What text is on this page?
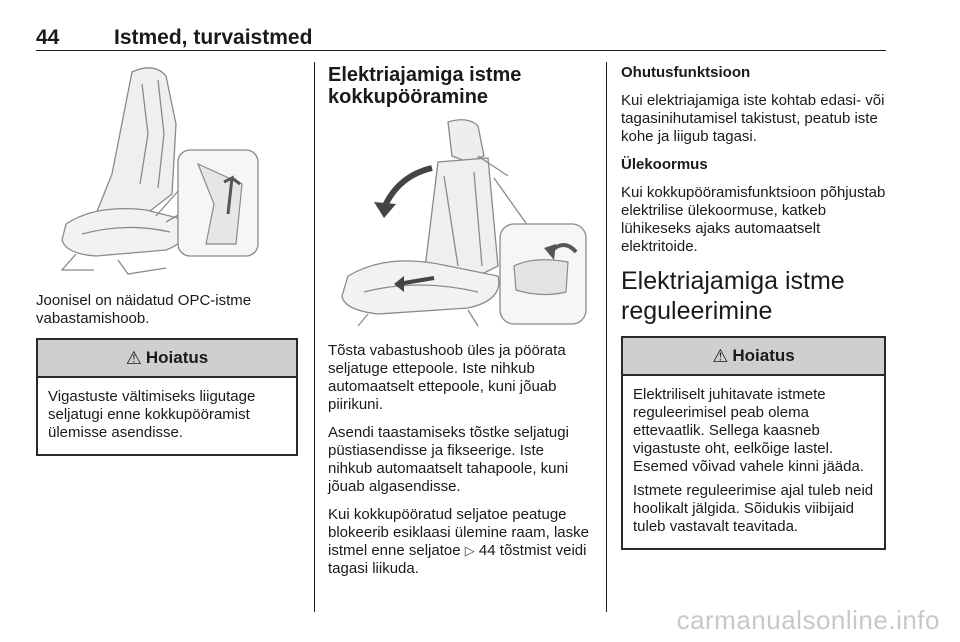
44	Istmed, turvaistmed

Joonisel on näidatud OPC-istme vabastamishoob.

⚠ Hoiatus

Vigastuste vältimiseks liigutage seljatugi enne kokkupööramist ülemisse asendisse.

Elektriajamiga istme kokkupööramine

Tõsta vabastushoob üles ja pöörata seljatuge ettepoole. Iste nihkub automaatselt ettepoole, kuni jõuab piirikuni.

Asendi taastamiseks tõstke seljatugi püstiasendisse ja fikseerige. Iste nihkub automaatselt tahapoole, kuni jõuab algasendisse.

Kui kokkupööratud seljatoe peatuge blokeerib esiklaasi ülemine raam, laske istmel enne seljatoe ▷ 44 tõstmist veidi tagasi liikuda.

Ohutusfunktsioon

Kui elektriajamiga iste kohtab edasi- või tagasinihutamisel takistust, peatub iste kohe ja liigub tagasi.

Ülekoormus

Kui kokkupööramisfunktsioon põhjustab elektrilise ülekoormuse, katkeb lühikeseks ajaks automaatselt elektritoide.

Elektriajamiga istme reguleerimine
⚠ Hoiatus

Elektriliselt juhitavate istmete reguleerimisel peab olema ettevaatlik. Sellega kaasneb vigastuste oht, eelkõige lastel. Esemed võivad vahele kinni jääda.

Istmete reguleerimise ajal tuleb neid hoolikalt jälgida. Sõidukis viibijaid tuleb vastavalt teavitada.

carmanualsonline.info
